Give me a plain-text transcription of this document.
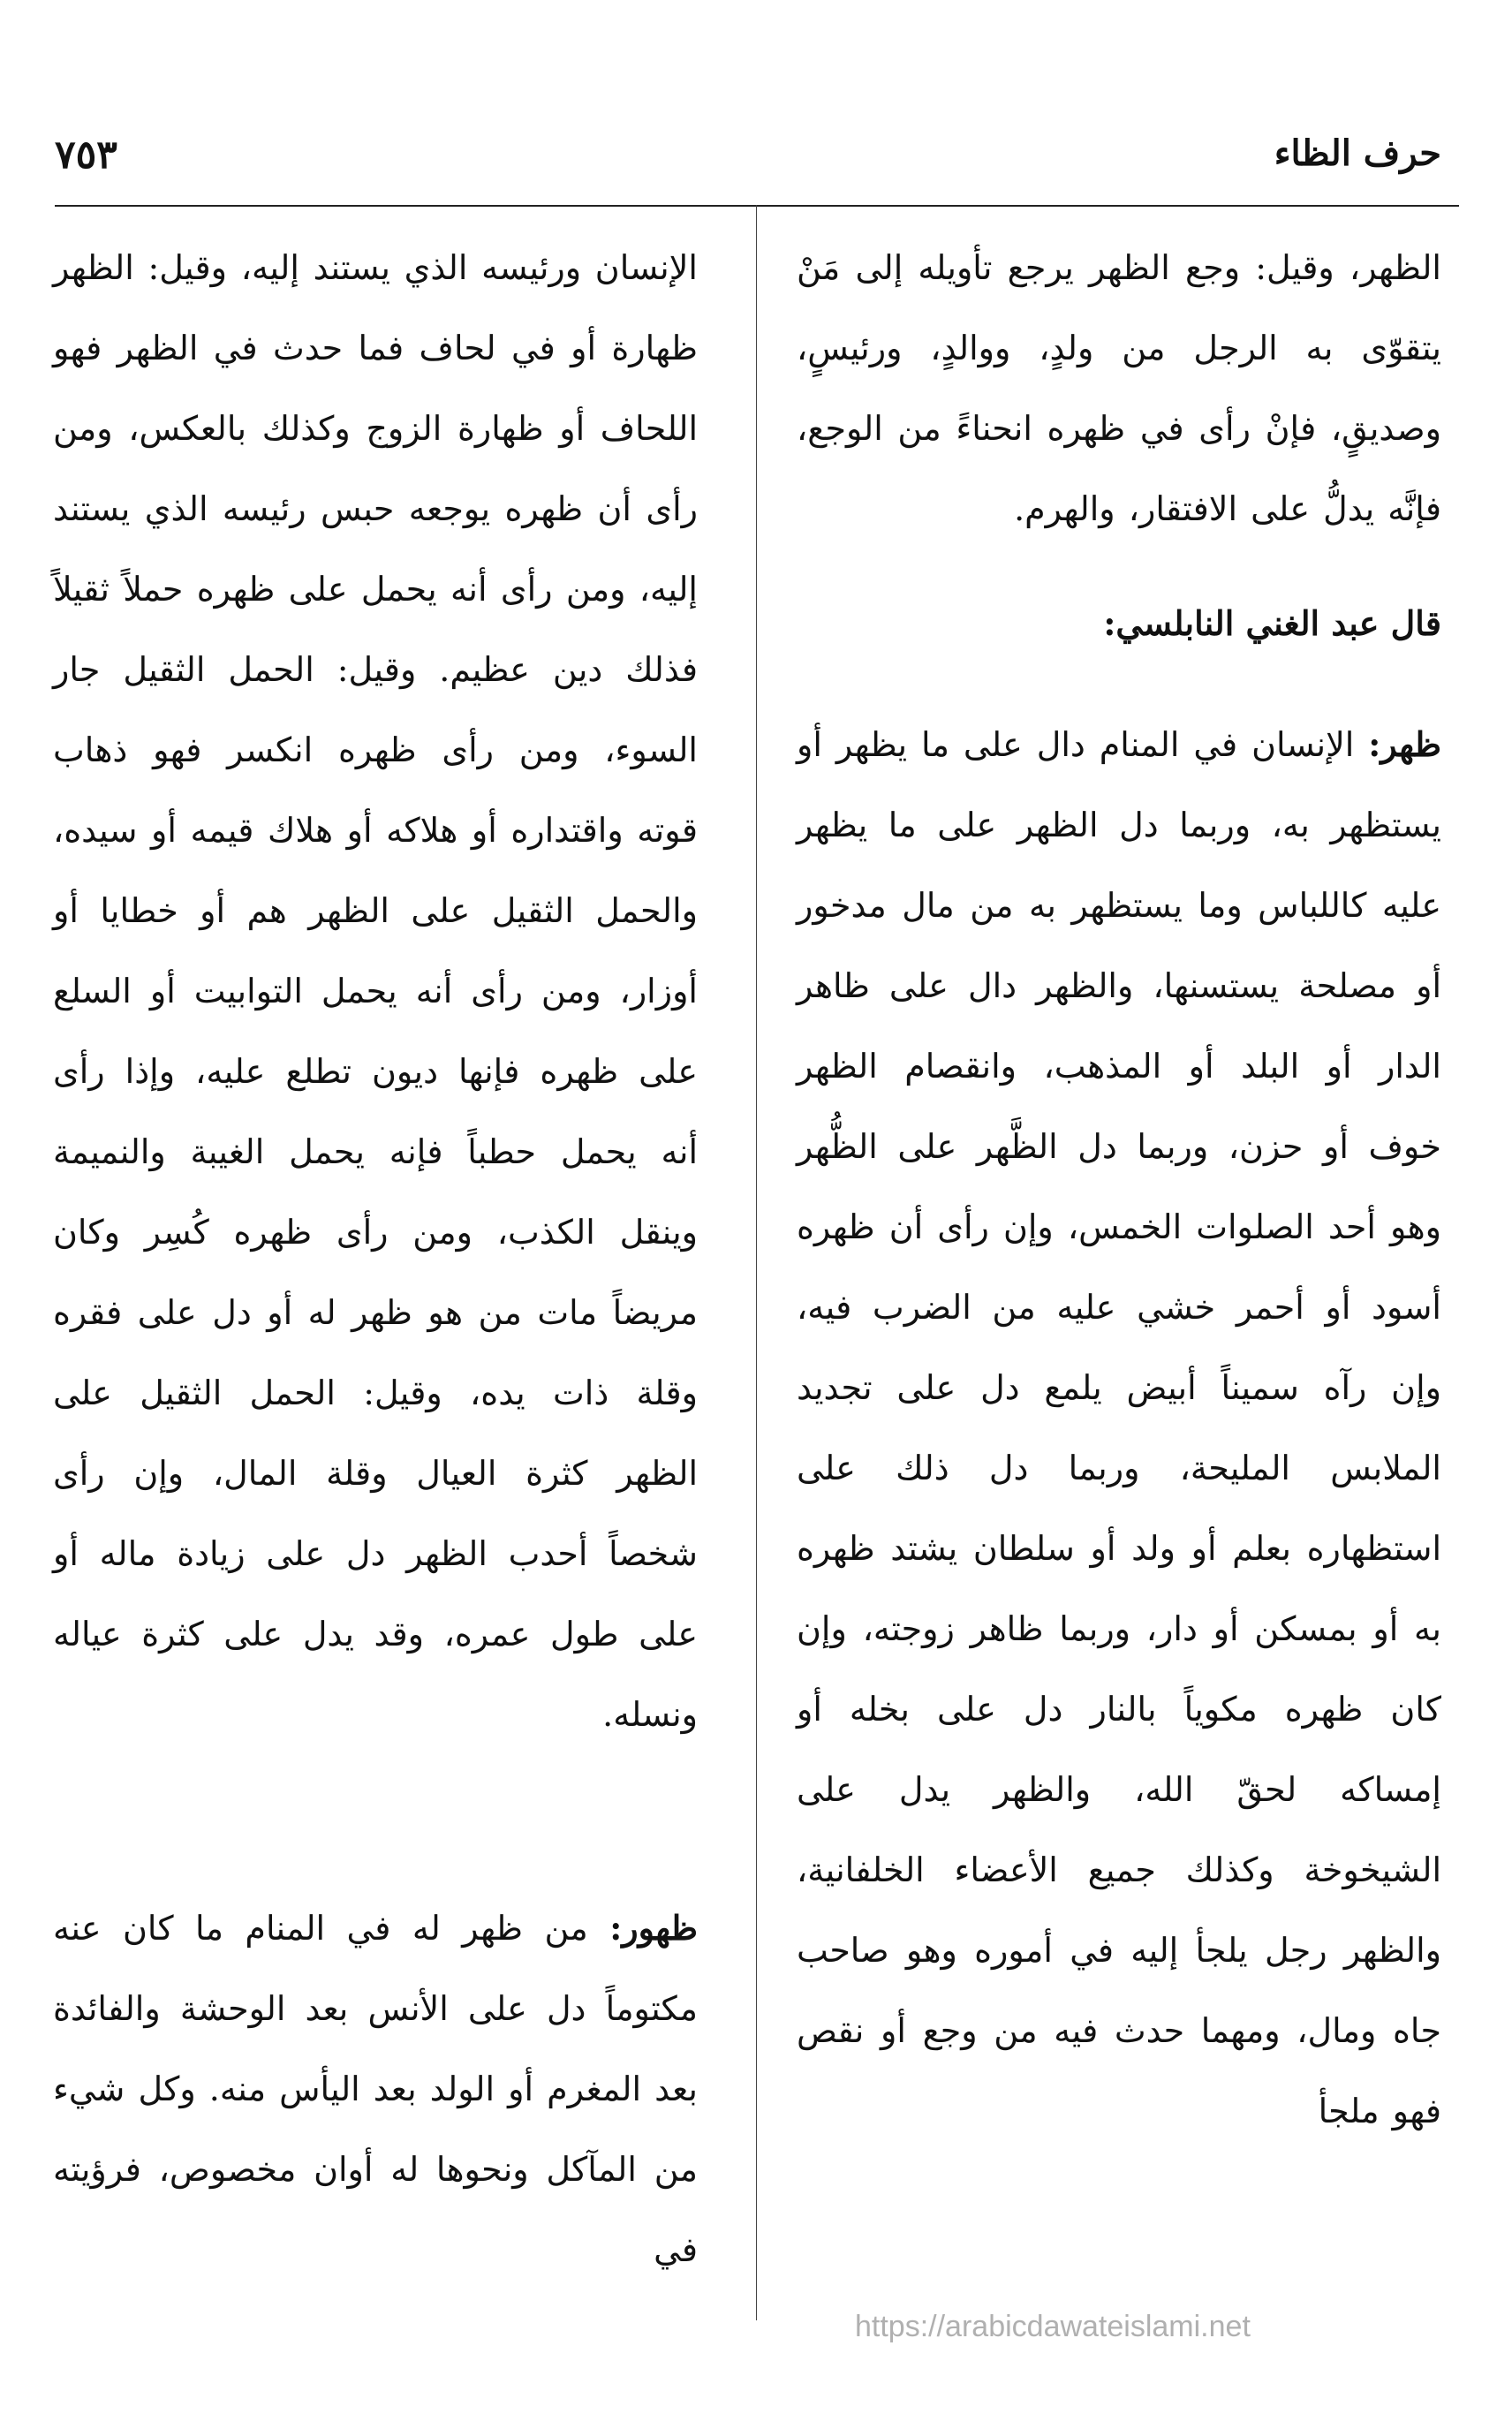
حرف الظاء
٧٥٣

الظهر، وقيل: وجع الظهر يرجع تأويله إلى مَنْ يتقوّى به الرجل من ولدٍ، ووالدٍ، ورئيسٍ، وصديقٍ، فإنْ رأى في ظهره انحناءً من الوجع، فإنَّه يدلُّ على الافتقار، والهرم.

قال عبد الغني النابلسي:

ظهر: الإنسان في المنام دال على ما يظهر أو يستظهر به، وربما دل الظهر على ما يظهر عليه كاللباس وما يستظهر به من مال مدخور أو مصلحة يستسنها، والظهر دال على ظاهر الدار أو البلد أو المذهب، وانقصام الظهر خوف أو حزن، وربما دل الظَّهر على الظُّهر وهو أحد الصلوات الخمس، وإن رأى أن ظهره أسود أو أحمر خشي عليه من الضرب فيه، وإن رآه سميناً أبيض يلمع دل على تجديد الملابس المليحة، وربما دل ذلك على استظهاره بعلم أو ولد أو سلطان يشتد ظهره به أو بمسكن أو دار، وربما ظاهر زوجته، وإن كان ظهره مكوياً بالنار دل على بخله أو إمساكه لحقّ الله، والظهر يدل على الشيخوخة وكذلك جميع الأعضاء الخلفانية، والظهر رجل يلجأ إليه في أموره وهو صاحب جاه ومال، ومهما حدث فيه من وجع أو نقص فهو ملجأ

الإنسان ورئيسه الذي يستند إليه، وقيل: الظهر ظهارة أو في لحاف فما حدث في الظهر فهو اللحاف أو ظهارة الزوج وكذلك بالعكس، ومن رأى أن ظهره يوجعه حبس رئيسه الذي يستند إليه، ومن رأى أنه يحمل على ظهره حملاً ثقيلاً فذلك دين عظيم. وقيل: الحمل الثقيل جار السوء، ومن رأى ظهره انكسر فهو ذهاب قوته واقتداره أو هلاكه أو هلاك قيمه أو سيده، والحمل الثقيل على الظهر هم أو خطايا أو أوزار، ومن رأى أنه يحمل التوابيت أو السلع على ظهره فإنها ديون تطلع عليه، وإذا رأى أنه يحمل حطباً فإنه يحمل الغيبة والنميمة وينقل الكذب، ومن رأى ظهره كُسِر وكان مريضاً مات من هو ظهر له أو دل على فقره وقلة ذات يده، وقيل: الحمل الثقيل على الظهر كثرة العيال وقلة المال، وإن رأى شخصاً أحدب الظهر دل على زيادة ماله أو على طول عمره، وقد يدل على كثرة عياله ونسله.

ظهور: من ظهر له في المنام ما كان عنه مكتوماً دل على الأنس بعد الوحشة والفائدة بعد المغرم أو الولد بعد اليأس منه. وكل شيء من المآكل ونحوها له أوان مخصوص، فرؤيته في

https://arabicdawateislami.net
